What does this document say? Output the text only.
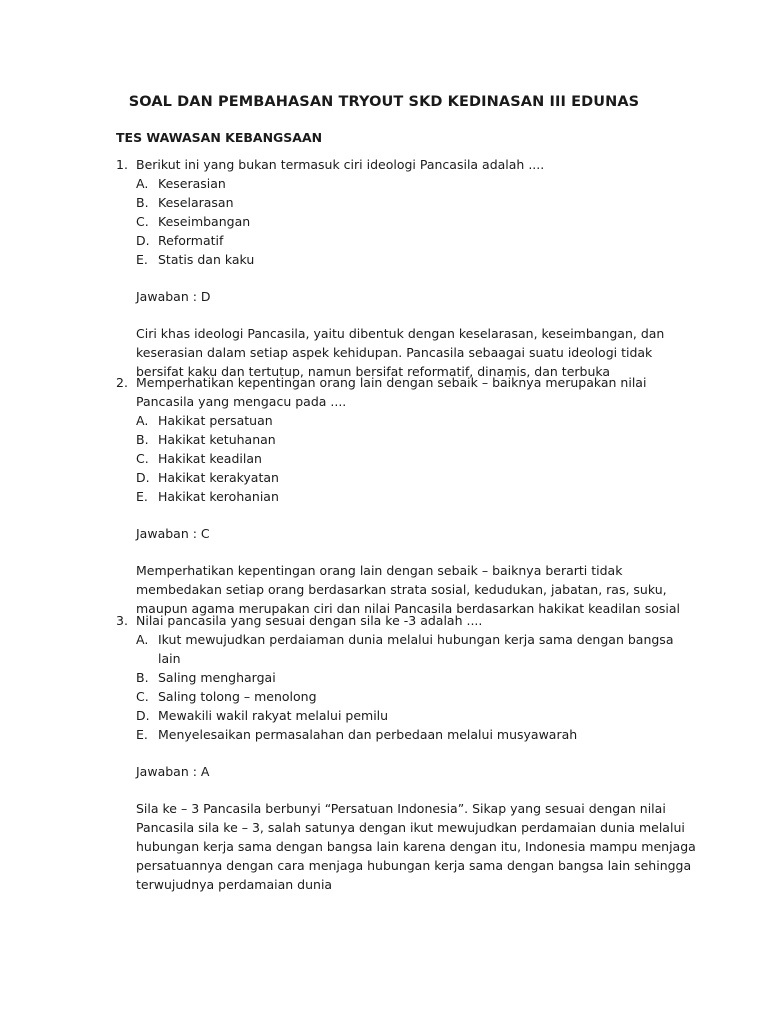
SOAL DAN PEMBAHASAN TRYOUT SKD KEDINASAN III EDUNAS
TES WAWASAN KEBANGSAAN
1. Berikut ini yang bukan termasuk ciri ideologi Pancasila adalah ....
A. Keserasian
B. Keselarasan
C. Keseimbangan
D. Reformatif
E. Statis dan kaku
Jawaban : D
Ciri khas ideologi Pancasila, yaitu dibentuk dengan keselarasan, keseimbangan, dan keserasian dalam setiap aspek kehidupan. Pancasila sebaagai suatu ideologi tidak bersifat kaku dan tertutup, namun bersifat reformatif, dinamis, dan terbuka
2. Memperhatikan kepentingan orang lain dengan sebaik – baiknya merupakan nilai Pancasila yang mengacu pada ....
A. Hakikat persatuan
B. Hakikat ketuhanan
C. Hakikat keadilan
D. Hakikat kerakyatan
E. Hakikat kerohanian
Jawaban : C
Memperhatikan kepentingan orang lain dengan sebaik – baiknya berarti tidak membedakan setiap orang berdasarkan strata sosial, kedudukan, jabatan, ras, suku, maupun agama merupakan ciri dan nilai Pancasila berdasarkan hakikat keadilan sosial
3. Nilai pancasila yang sesuai dengan sila ke -3 adalah ....
A. Ikut mewujudkan perdaiaman dunia melalui hubungan kerja sama dengan bangsa lain
B. Saling menghargai
C. Saling tolong – menolong
D. Mewakili wakil rakyat melalui pemilu
E. Menyelesaikan permasalahan dan perbedaan melalui musyawarah
Jawaban : A
Sila ke – 3 Pancasila berbunyi “Persatuan Indonesia”. Sikap yang sesuai dengan nilai Pancasila sila ke – 3, salah satunya dengan ikut mewujudkan perdamaian dunia melalui hubungan kerja sama dengan bangsa lain karena dengan itu, Indonesia mampu menjaga persatuannya dengan cara menjaga hubungan kerja sama dengan bangsa lain sehingga terwujudnya perdamaian dunia
